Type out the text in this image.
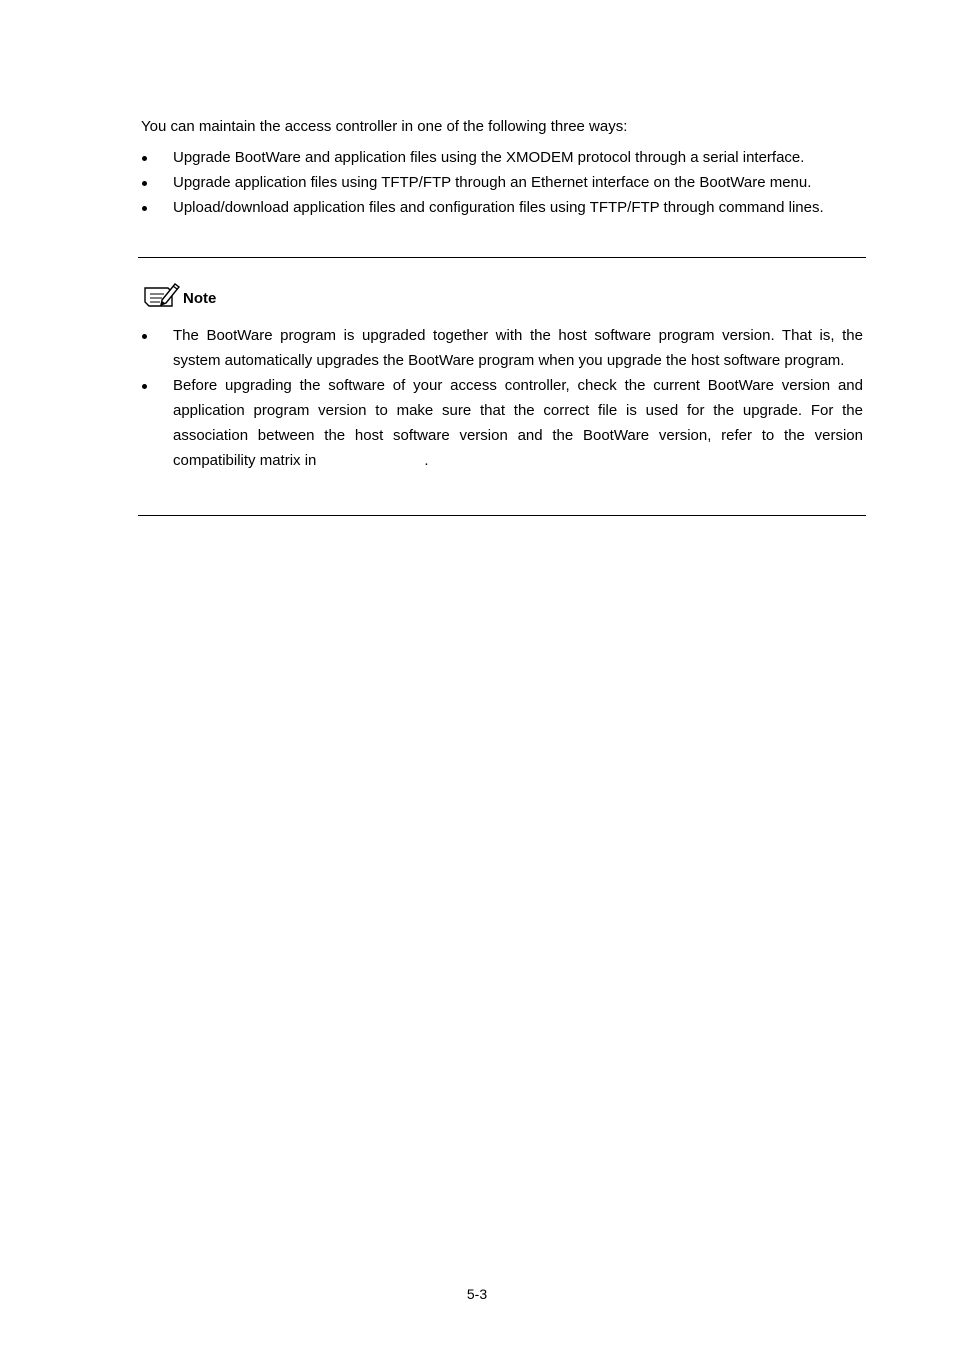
You can maintain the access controller in one of the following three ways:

Upgrade BootWare and application files using the XMODEM protocol through a serial interface.
Upgrade application files using TFTP/FTP through an Ethernet interface on the BootWare menu.
Upload/download application files and configuration files using TFTP/FTP through command lines.
Note
The BootWare program is upgraded together with the host software program version. That is, the system automatically upgrades the BootWare program when you upgrade the host software program.
Before upgrading the software of your access controller, check the current BootWare version and application program version to make sure that the correct file is used for the upgrade. For the association between the host software version and the BootWare version, refer to the version compatibility matrix in	.
5-3
